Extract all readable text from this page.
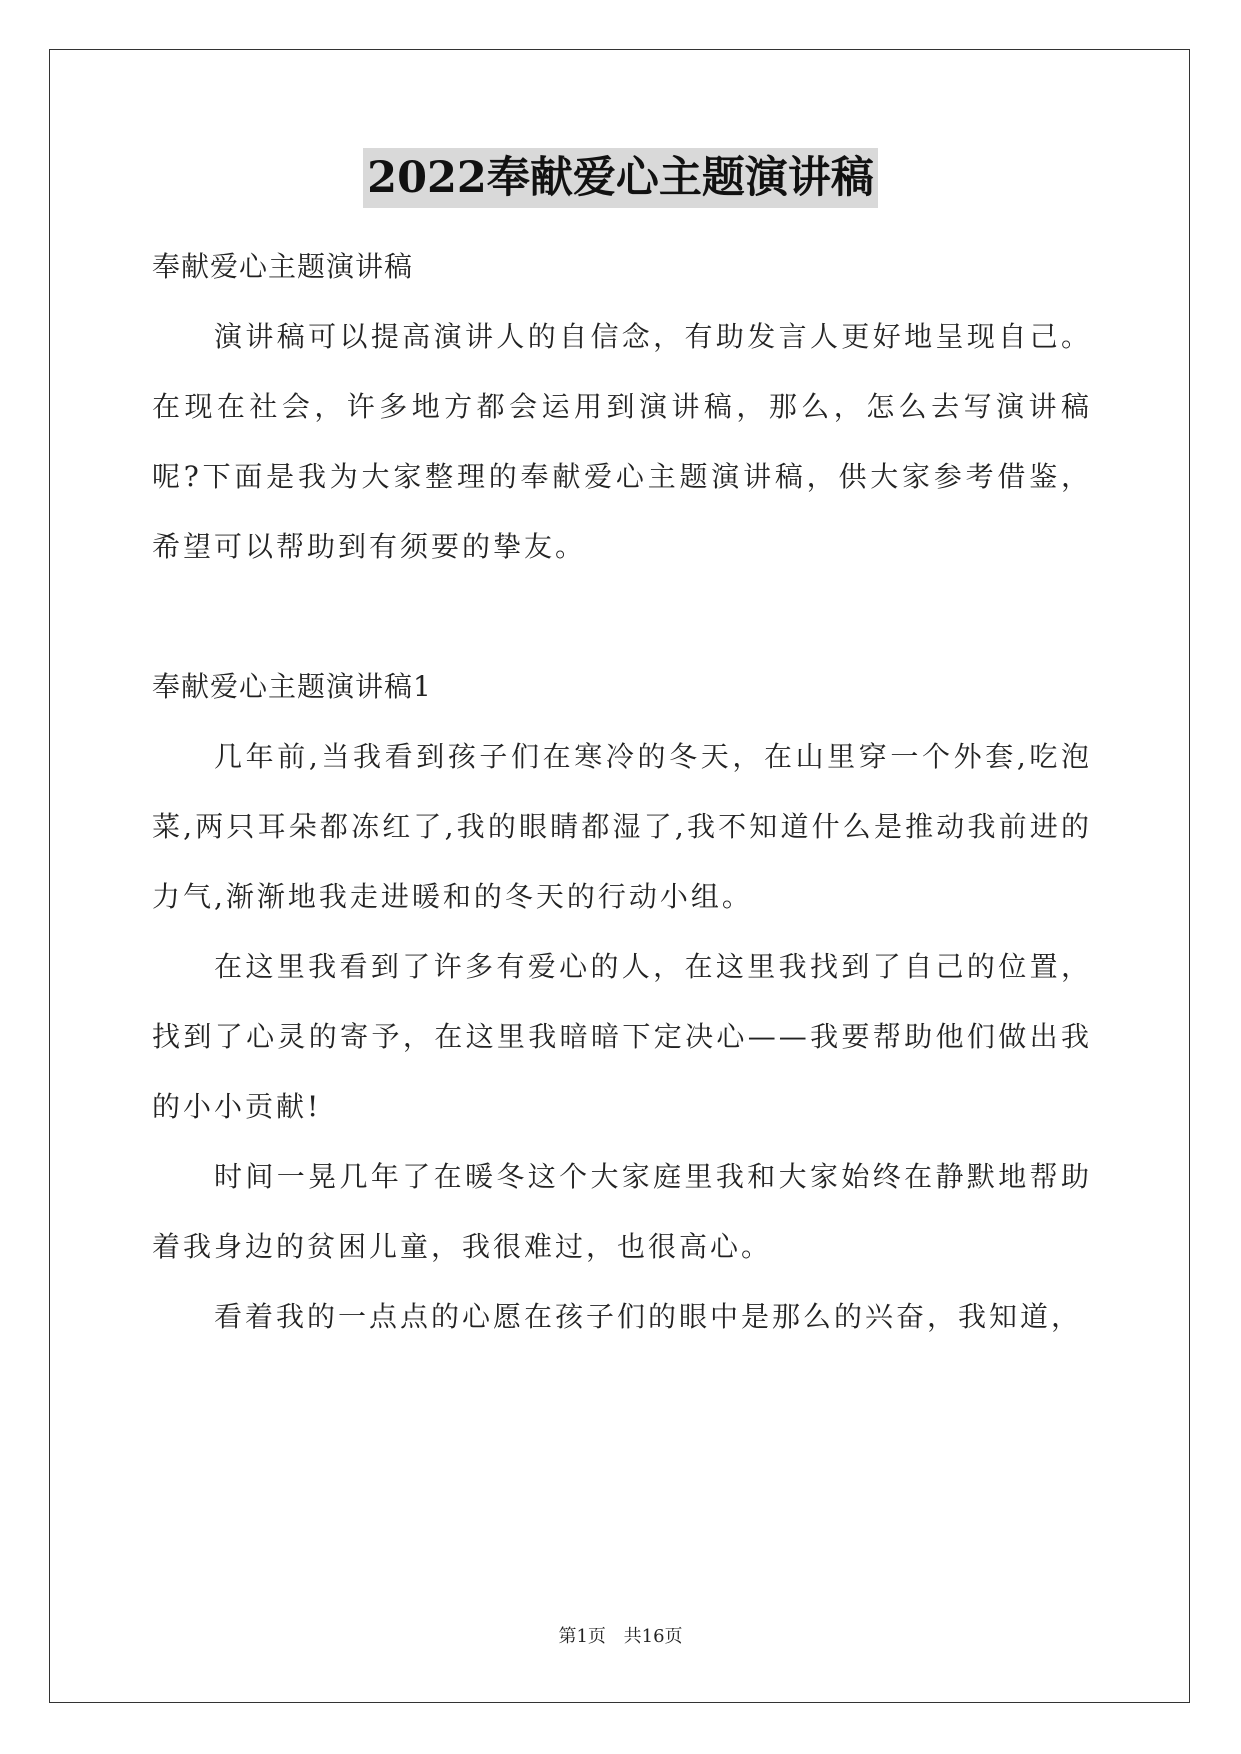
2022奉献爱心主题演讲稿

奉献爱心主题演讲稿

演讲稿可以提高演讲人的自信念，有助发言人更好地呈现自己。在现在社会，许多地方都会运用到演讲稿，那么，怎么去写演讲稿呢?下面是我为大家整理的奉献爱心主题演讲稿，供大家参考借鉴，希望可以帮助到有须要的挚友。

奉献爱心主题演讲稿1

几年前,当我看到孩子们在寒冷的冬天，在山里穿一个外套,吃泡菜,两只耳朵都冻红了,我的眼睛都湿了,我不知道什么是推动我前进的力气,渐渐地我走进暖和的冬天的行动小组。

在这里我看到了许多有爱心的人，在这里我找到了自己的位置，找到了心灵的寄予，在这里我暗暗下定决心——我要帮助他们做出我的小小贡献!

时间一晃几年了在暖冬这个大家庭里我和大家始终在静默地帮助着我身边的贫困儿童，我很难过，也很高心。

看着我的一点点的心愿在孩子们的眼中是那么的兴奋，我知道，

第1页 共16页
